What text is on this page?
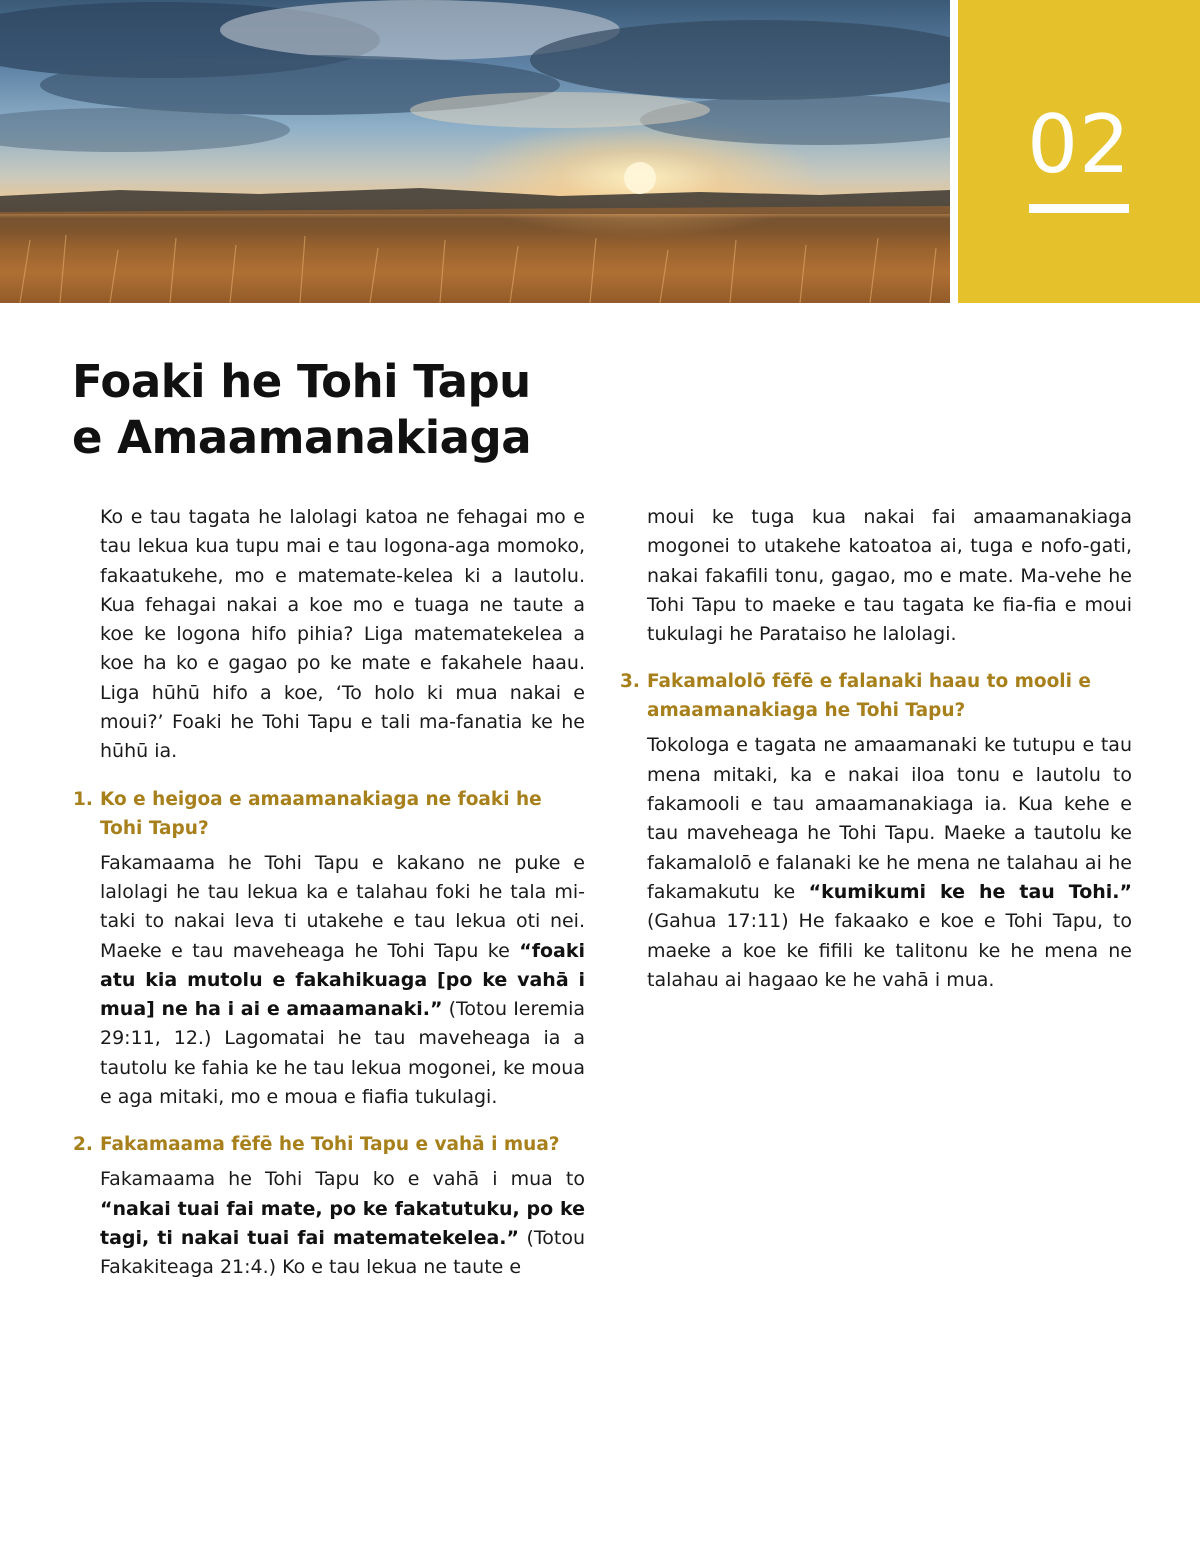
02
Foaki he Tohi Tapu
e Amaamanakiaga

Ko e tau tagata he lalolagi katoa ne fehagai mo e tau lekua kua tupu mai e tau logona-aga momoko, fakaatukehe, mo e matemate-kelea ki a lautolu. Kua fehagai nakai a koe mo e tuaga ne taute a koe ke logona hifo pihia? Liga matematekelea a koe ha ko e gagao po ke mate e fakahele haau. Liga hūhū hifo a koe, ‘To holo ki mua nakai e moui?’ Foaki he Tohi Tapu e tali ma-fanatia ke he hūhū ia.

1. Ko e heigoa e amaamanakiaga ne foaki he Tohi Tapu?

Fakamaama he Tohi Tapu e kakano ne puke e lalolagi he tau lekua ka e talahau foki he tala mi-taki to nakai leva ti utakehe e tau lekua oti nei. Maeke e tau maveheaga he Tohi Tapu ke “foaki atu kia mutolu e fakahikuaga [po ke vahā i mua] ne ha i ai e amaamanaki.” (Totou Ieremia 29:11, 12.) Lagomatai he tau maveheaga ia a tautolu ke fahia ke he tau lekua mogonei, ke moua e aga mitaki, mo e moua e fiafia tukulagi.

2. Fakamaama fēfē he Tohi Tapu e vahā i mua?

Fakamaama he Tohi Tapu ko e vahā i mua to “nakai tuai fai mate, po ke fakatutuku, po ke tagi, ti nakai tuai fai matematekelea.” (Totou Fakakiteaga 21:4.) Ko e tau lekua ne taute e

moui ke tuga kua nakai fai amaamanakiaga mogonei to utakehe katoatoa ai, tuga e nofo-gati, nakai fakafili tonu, gagao, mo e mate. Ma-vehe he Tohi Tapu to maeke e tau tagata ke fia-fia e moui tukulagi he Parataiso he lalolagi.

3. Fakamalolō fēfē e falanaki haau to mooli e amaamanakiaga he Tohi Tapu?

Tokologa e tagata ne amaamanaki ke tutupu e tau mena mitaki, ka e nakai iloa tonu e lautolu to fakamooli e tau amaamanakiaga ia. Kua kehe e tau maveheaga he Tohi Tapu. Maeke a tautolu ke fakamalolō e falanaki ke he mena ne talahau ai he fakamakutu ke “kumikumi ke he tau Tohi.” (Gahua 17:11) He fakaako e koe e Tohi Tapu, to maeke a koe ke fifili ke talitonu ke he mena ne talahau ai hagaao ke he vahā i mua.
